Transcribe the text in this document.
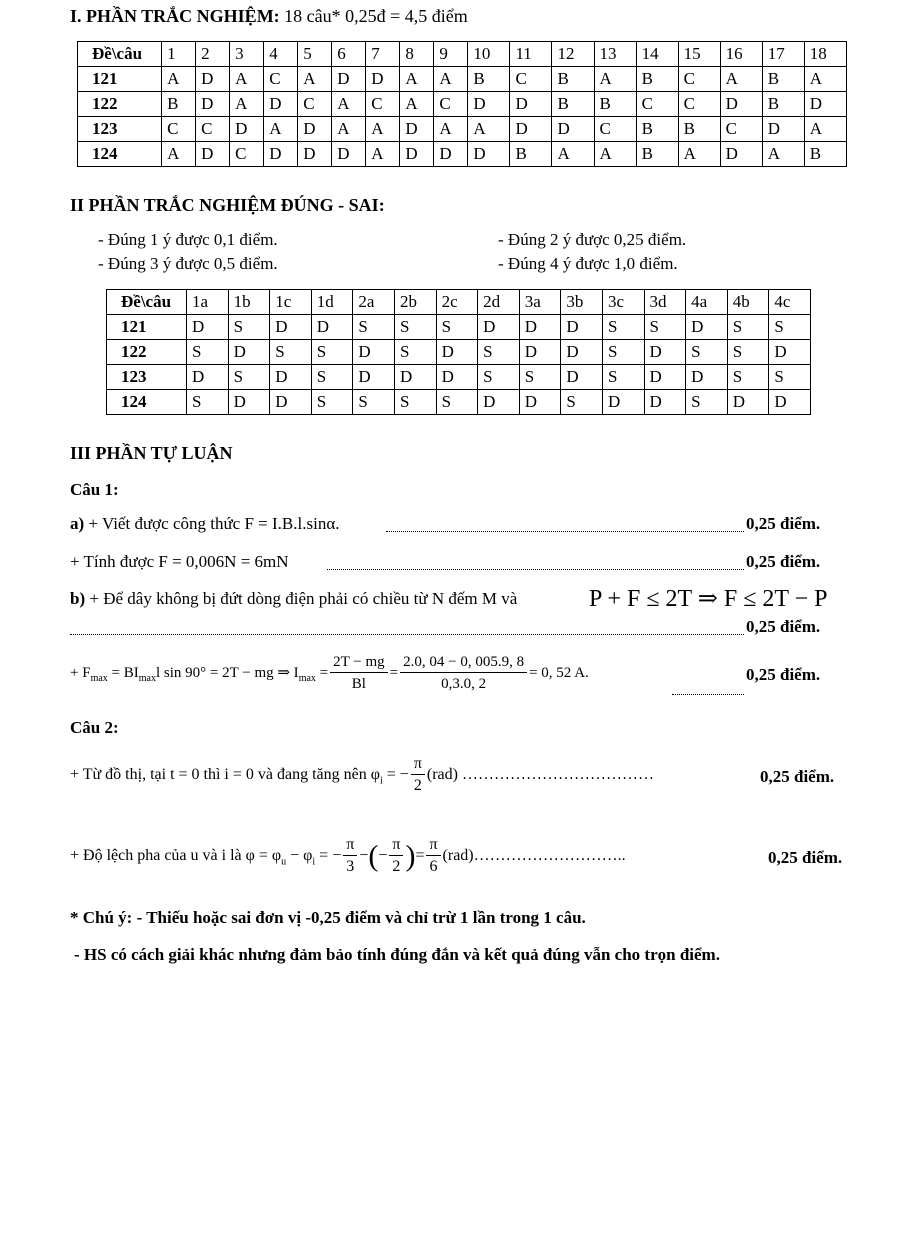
I. PHẦN TRẮC NGHIỆM: 18 câu* 0,25đ = 4,5 điểm
Đề\câu	1	2	3	4	5	6	7	8	9	10	11	12	13	14	15	16	17	18
121	A	D	A	C	A	D	D	A	A	B	C	B	A	B	C	A	B	A
122	B	D	A	D	C	A	C	A	C	D	D	B	B	C	C	D	B	D
123	C	C	D	A	D	A	A	D	A	A	D	D	C	B	B	C	D	A
124	A	D	C	D	D	D	A	D	D	D	B	A	A	B	A	D	A	B
II PHẦN TRẮC NGHIỆM ĐÚNG - SAI:
- Đúng 1 ý được 0,1 điểm.	- Đúng 2 ý được 0,25 điểm.
- Đúng 3 ý được 0,5 điểm.	- Đúng 4 ý được 1,0 điểm.
Đề\câu	1a	1b	1c	1d	2a	2b	2c	2d	3a	3b	3c	3d	4a	4b	4c	
121	D	S	D	D	S	S	S	D	D	D	S	S	D	S	S	
122	S	D	S	S	D	S	D	S	D	D	S	D	S	S	D	
123	D	S	D	S	D	D	D	S	S	D	S	D	D	S	S	
124	S	D	D	S	S	S	S	D	D	S	D	D	S	D	D	
III PHẦN TỰ LUẬN
Câu 1:
a) + Viết được công thức F = I.B.l.sinα.	0,25 điểm.
+ Tính được F = 0,006N = 6mN	0,25 điểm.
b) + Để dây không bị đứt dòng điện phải có chiều từ N đếm M và	P + F ≤ 2T ⇒ F ≤ 2T − P
0,25 điểm.
+ $F_{max} = BI_{max}l$ sin 90° = 2T − mg ⇒ $I_{max} = \frac{2T - mg}{Bl} = \frac{2.0, 04 - 0, 005.9, 8}{0,3.0, 2} = 0$, 52 A.	0,25 điểm.
Câu 2:
+ Từ đồ thị, tại t = 0 thì i = 0 và đang tăng nên $\varphi_i$ = − $\frac{\pi}{2} (rad)$ ………………………………	0,25 điểm.
+ Độ lệch pha của u và i là $\varphi = \varphi_u - \varphi_i$ = − $\frac{\pi}{3}$ −(− $\frac{\pi}{2}$ )= $\frac{\pi}{6}$ (rad)………………………..	0,25 điểm.
* Chú ý: - Thiếu hoặc sai đơn vị -0,25 điểm và chỉ trừ 1 lần trong 1 câu.
- HS có cách giải khác nhưng đảm bảo tính đúng đắn và kết quả đúng vẫn cho trọn điểm.
